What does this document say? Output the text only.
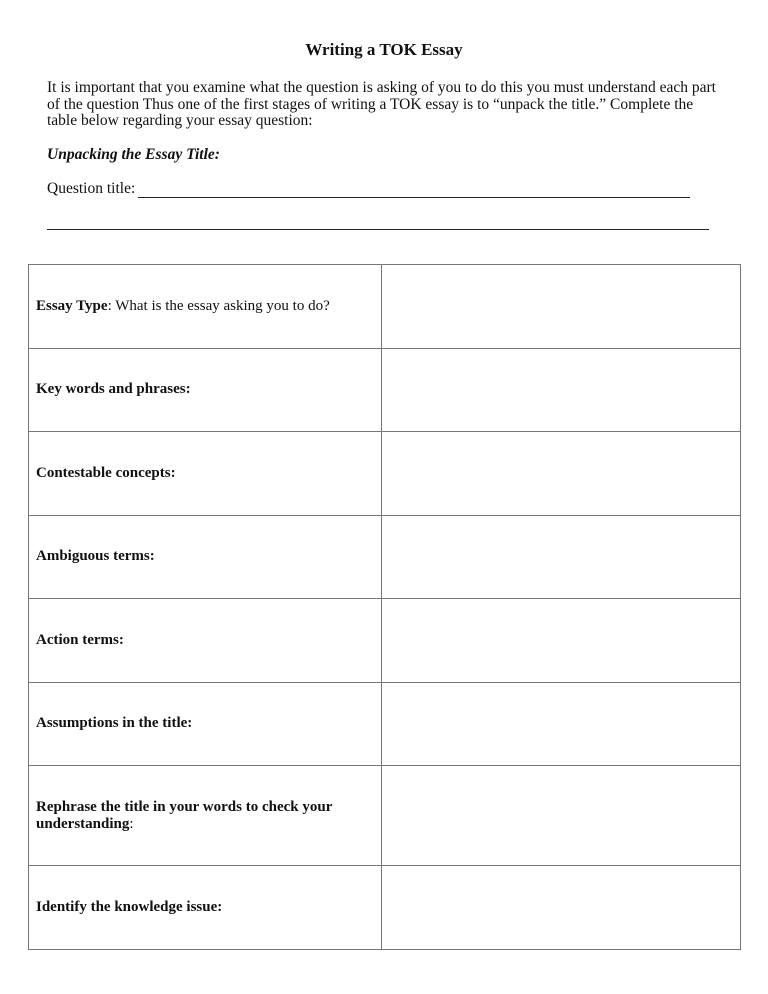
Writing a TOK Essay
It is important that you examine what the question is asking of you to do this you must understand each part of the question Thus one of the first stages of writing a TOK essay is to “unpack the title.” Complete the table below regarding your essay question:
Unpacking the Essay Title:
Question title:
Essay Type: What is the essay asking you to do?	
Key words and phrases:	
Contestable concepts:	
Ambiguous terms:	
Action terms:	
Assumptions in the title:	
Rephrase the title in your words to check your understanding:	
Identify the knowledge issue:	
